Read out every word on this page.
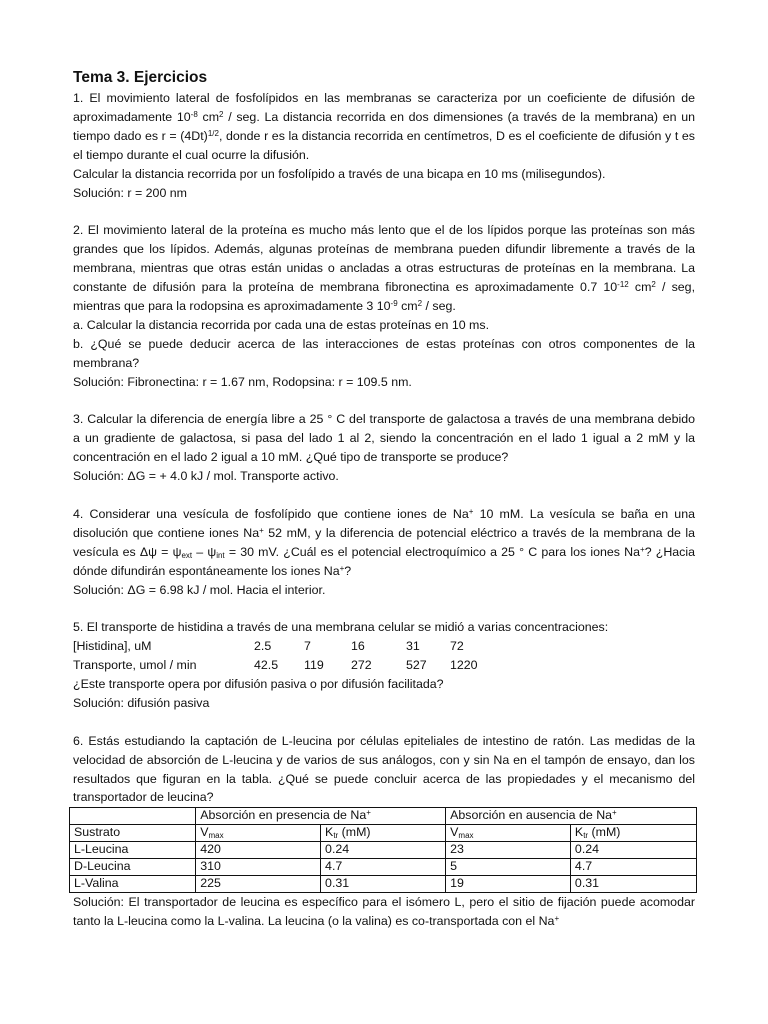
Tema 3. Ejercicios

1. El movimiento lateral de fosfolípidos en las membranas se caracteriza por un coeficiente de difusión de aproximadamente $10^{-8}$ $cm^2$ / seg. La distancia recorrida en dos dimensiones (a través de la membrana) en un tiempo dado es $r = (4Dt)^{1/2}$, donde r es la distancia recorrida en centímetros, D es el coeficiente de difusión y t es el tiempo durante el cual ocurre la difusión.

Calcular la distancia recorrida por un fosfolípido a través de una bicapa en 10 ms (milisegundos).

Solución: r = 200 nm

2. El movimiento lateral de la proteína es mucho más lento que el de los lípidos porque las proteínas son más grandes que los lípidos. Además, algunas proteínas de membrana pueden difundir libremente a través de la membrana, mientras que otras están unidas o ancladas a otras estructuras de proteínas en la membrana. La constante de difusión para la proteína de membrana fibronectina es aproximadamente 0.7 $10^{-12}$ $cm^2$ / seg, mientras que para la rodopsina es aproximadamente 3 $10^{-9}$ $cm^2$ / seg.

a. Calcular la distancia recorrida por cada una de estas proteínas en 10 ms.

b. ¿Qué se puede deducir acerca de las interacciones de estas proteínas con otros componentes de la membrana?

Solución: Fibronectina: r = 1.67 nm, Rodopsina: r = 109.5 nm.

3. Calcular la diferencia de energía libre a 25 ° C del transporte de galactosa a través de una membrana debido a un gradiente de galactosa, si pasa del lado 1 al 2, siendo la concentración en el lado 1 igual a 2 mM y la concentración en el lado 2 igual a 10 mM. ¿Qué tipo de transporte se produce?

Solución: ΔG = + 4.0 kJ / mol. Transporte activo.

4. Considerar una vesícula de fosfolípido que contiene iones de Na+ 10 mM. La vesícula se baña en una disolución que contiene iones Na+ 52 mM, y la diferencia de potencial eléctrico a través de la membrana de la vesícula es $\Delta\psi = \psi_{ext} - \psi_{int} = 30$ mV. ¿Cuál es el potencial electroquímico a 25 ° C para los iones Na+? ¿Hacia dónde difundirán espontáneamente los iones Na+?

Solución: ΔG = 6.98 kJ / mol. Hacia el interior.

5. El transporte de histidina a través de una membrana celular se midió a varias concentraciones:

[Histidina], uM	2.5	7	16	31	72
Transporte, umol / min	42.5	119	272	527	1220

¿Este transporte opera por difusión pasiva o por difusión facilitada?

Solución: difusión pasiva

6. Estás estudiando la captación de L-leucina por células epiteliales de intestino de ratón. Las medidas de la velocidad de absorción de L-leucina y de varios de sus análogos, con y sin Na en el tampón de ensayo, dan los resultados que figuran en la tabla. ¿Qué se puede concluir acerca de las propiedades y el mecanismo del transportador de leucina?

	Absorción en presencia de Na+		Absorción en ausencia de Na+
Sustrato	$V_{max}$	$K_{tr}$ (mM)	$V_{max}$	$K_{tr}$ (mM)
L-Leucina	420	0.24	23	0.24
D-Leucina	310	4.7	5	4.7
L-Valina	225	0.31	19	0.31

Solución: El transportador de leucina es específico para el isómero L, pero el sitio de fijación puede acomodar tanto la L-leucina como la L-valina. La leucina (o la valina) es co-transportada con el Na+
